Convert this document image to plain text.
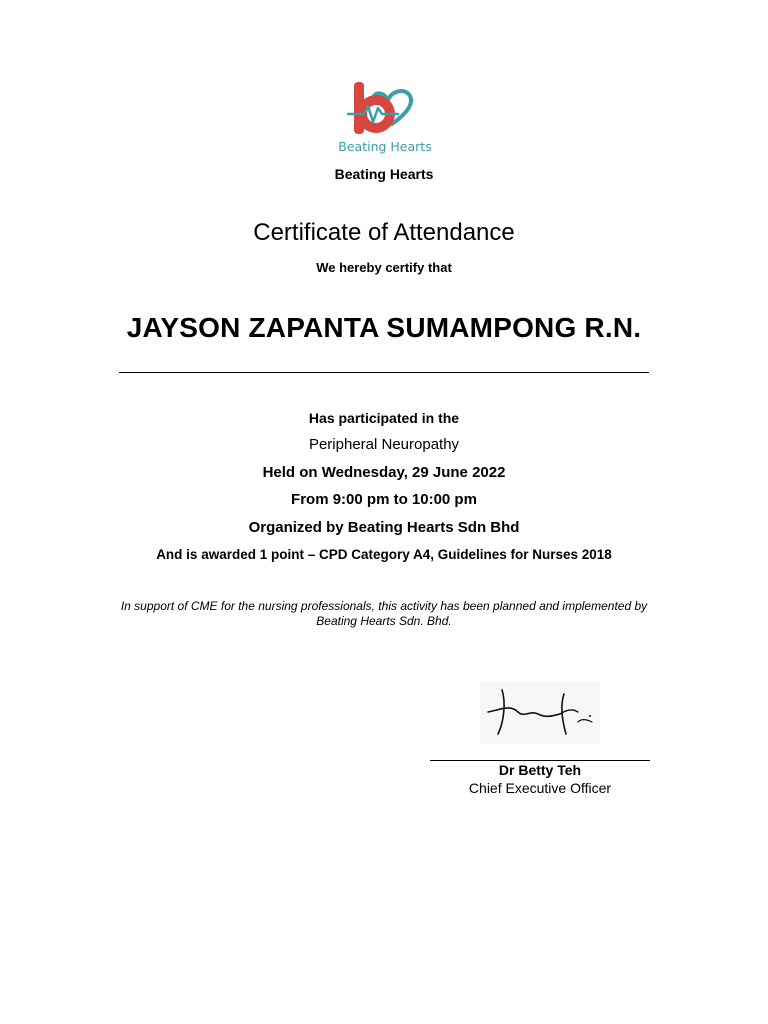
Beating Hearts
Beating Hearts
Certificate of Attendance
We hereby certify that
JAYSON ZAPANTA SUMAMPONG R.N.
Has participated in the
Peripheral Neuropathy
Held on Wednesday, 29 June 2022
From 9:00 pm to 10:00 pm
Organized by Beating Hearts Sdn Bhd
And is awarded 1 point – CPD Category A4, Guidelines for Nurses 2018
In support of CME for the nursing professionals, this activity has been planned and implemented by
Beating Hearts Sdn. Bhd.
Dr Betty Teh
Chief Executive Officer
